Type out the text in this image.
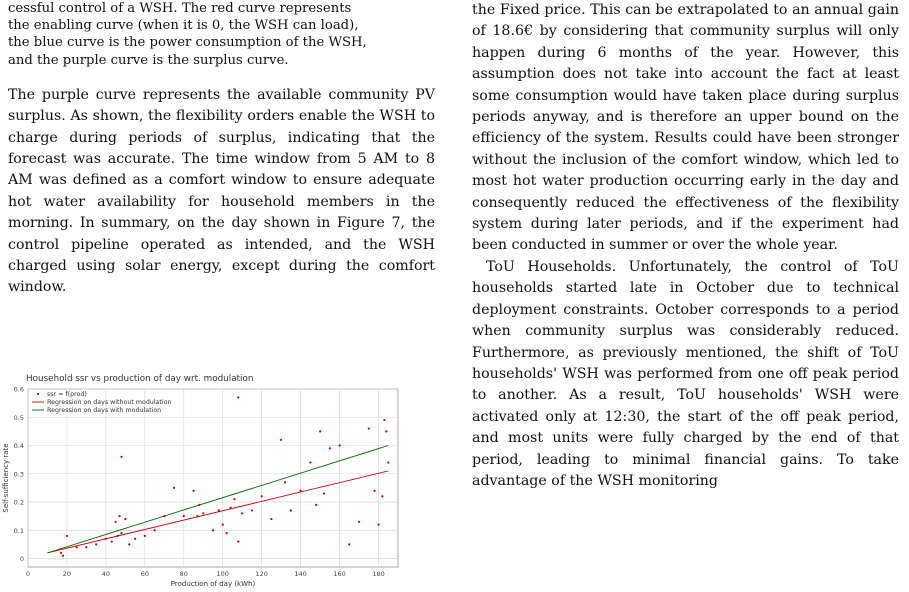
cessful control of a WSH. The red curve represents
the enabling curve (when it is 0, the WSH can load),
the blue curve is the power consumption of the WSH,
and the purple curve is the surplus curve.

The purple curve represents the available community PV surplus. As shown, the flexibility orders enable the WSH to charge during periods of surplus, indicating that the forecast was accurate. The time window from 5 AM to 8 AM was defined as a comfort window to ensure adequate hot water availability for household members in the morning. In summary, on the day shown in Figure 7, the control pipeline operated as intended, and the WSH charged using solar energy, except during the comfort window.

the Fixed price. This can be extrapolated to an annual gain of 18.6€ by considering that community surplus will only happen during 6 months of the year. However, this assumption does not take into account the fact at least some consumption would have taken place during surplus periods anyway, and is therefore an upper bound on the efficiency of the system. Results could have been stronger without the inclusion of the comfort window, which led to most hot water production occurring early in the day and consequently reduced the effectiveness of the flexibility system during later periods, and if the experiment had been conducted in summer or over the whole year.

ToU Households. Unfortunately, the control of ToU households started late in October due to technical deployment constraints. October corresponds to a period when community surplus was considerably reduced. Furthermore, as previously mentioned, the shift of ToU households' WSH was performed from one off peak period to another. As a result, ToU households' WSH were activated only at 12:30, the start of the off peak period, and most units were fully charged by the end of that period, leading to minimal financial gains. To take advantage of the WSH monitoring

Household ssr vs production of day wrt. modulation
0
0.1
0.2
0.3
0.4
0.5
0.6
0	20	40	60	80	100	120	140	160	180
Production of day (kWh)
Self-sufficiency rate
ssr = f(prod)
Regression on days without modulation
Regression on days with modulation
